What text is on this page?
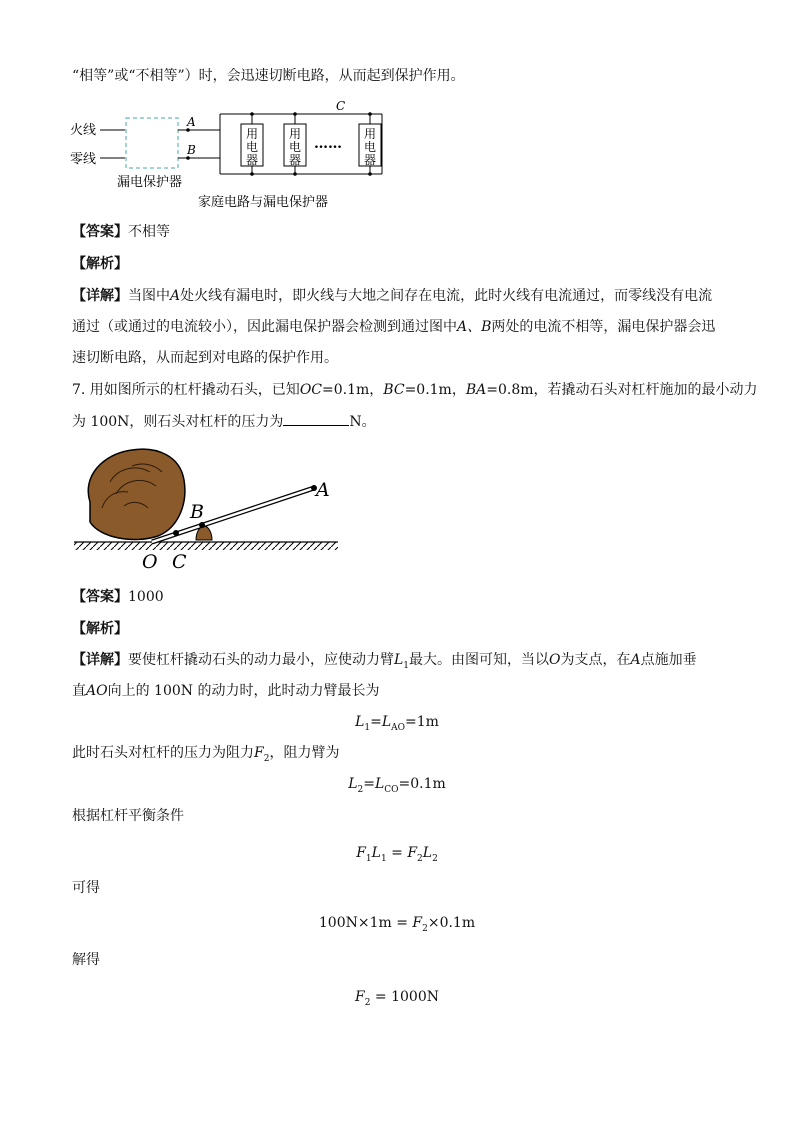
“相等”或“不相等”）时，会迅速切断电路，从而起到保护作用。
火线
零线
A
B
C
漏电保护器
用
电
器
用
电
器
用
电
器
……
家庭电路与漏电保护器
【答案】不相等
【解析】
【详解】当图中A处火线有漏电时，即火线与大地之间存在电流，此时火线有电流通过，而零线没有电流
通过（或通过的电流较小），因此漏电保护器会检测到通过图中A、B两处的电流不相等，漏电保护器会迅
速切断电路，从而起到对电路的保护作用。
7. 用如图所示的杠杆撬动石头，已知OC=0.1m，BC=0.1m，BA=0.8m，若撬动石头对杠杆施加的最小动力
为 100N，则石头对杠杆的压力为	N。
A
B
O C
【答案】1000
【解析】
【详解】要使杠杆撬动石头的动力最小，应使动力臂$L_1$最大。由图可知，当以O为支点，在A点施加垂
直AO向上的 100N 的动力时，此时动力臂最长为
$L_1=L_{AO}=1m$
此时石头对杠杆的压力为阻力$F_2$，阻力臂为
$L_2=L_{CO}=0.1m$
根据杠杆平衡条件
$F_1L_1 = F_2L_2$
可得
$100N\times 1m = F_2\times 0.1m$
解得
$F_2 = 1000N$
